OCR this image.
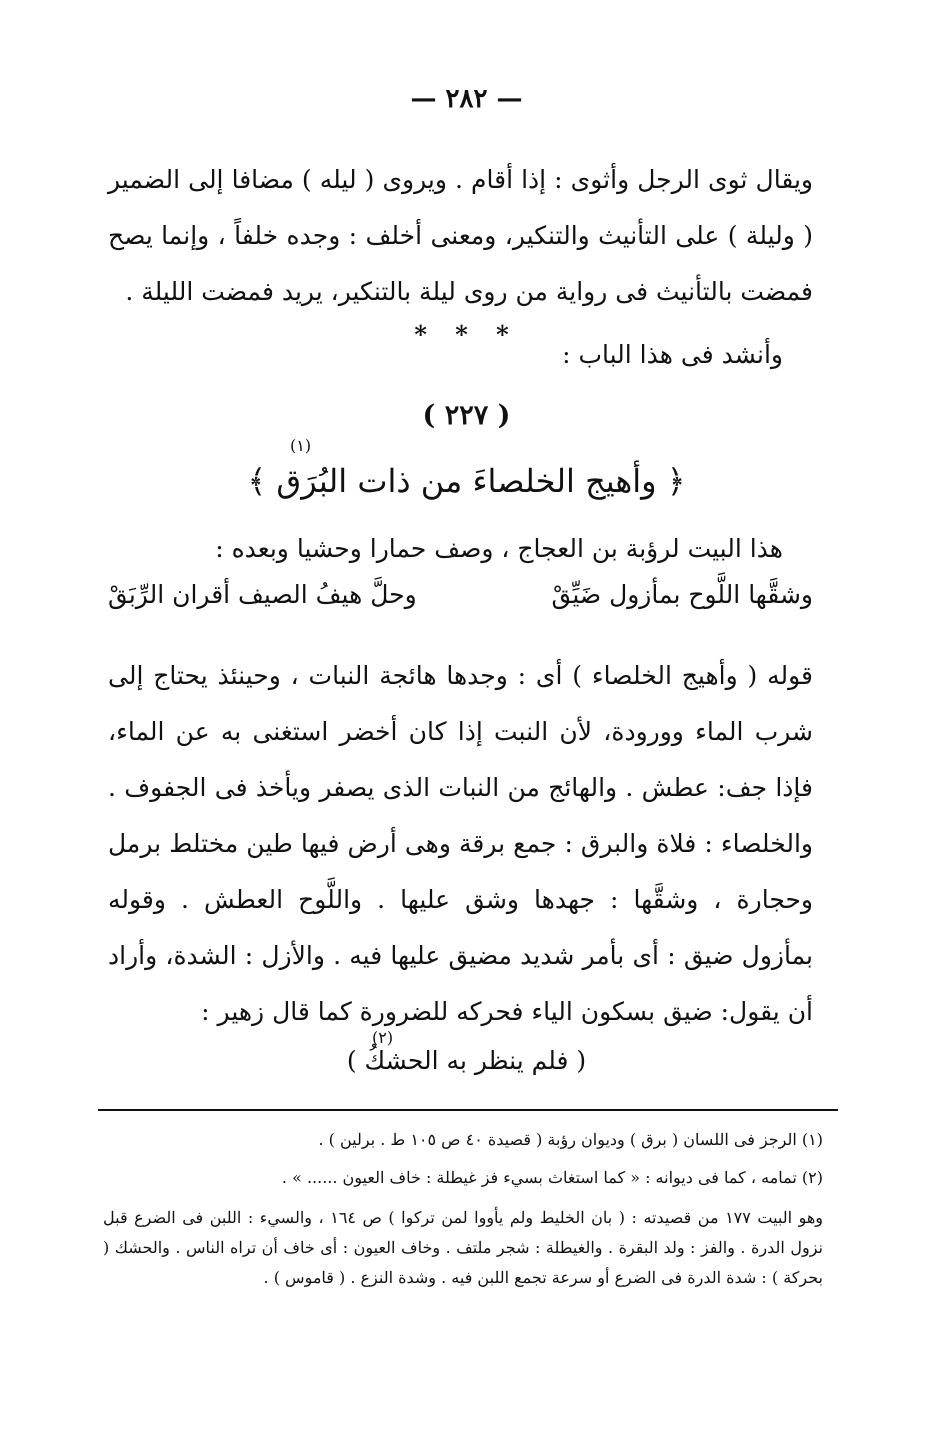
— ٢٨٢ —
ويقال ثوى الرجل وأثوى : إذا أقام . ويروى ( ليله ) مضافا إلى الضمير ( وليلة ) على التأنيث والتنكير، ومعنى أخلف : وجده خلفاً ، وإنما يصح فمضت بالتأنيث فى رواية من روى ليلة بالتنكير، يريد فمضت الليلة .
* * *
وأنشد فى هذا الباب :
( ٢٢٧ )
(١)
﴿ وأهيج الخلصاءَ من ذات البُرَق ﴾
هذا البيت لرؤبة بن العجاج ، وصف حمارا وحشيا وبعده :
وشقَّها اللَّوح بمأزول ضَيِّقْ
وحلَّ هيفُ الصيف أقران الرِّبَقْ
قوله ( وأهيج الخلصاء ) أى : وجدها هائجة النبات ، وحينئذ يحتاج إلى شرب الماء وورودة، لأن النبت إذا كان أخضر استغنى به عن الماء، فإذا جف: عطش . والهائج من النبات الذى يصفر ويأخذ فى الجفوف . والخلصاء : فلاة والبرق : جمع برقة وهى أرض فيها طين مختلط برمل وحجارة ، وشقَّها : جهدها وشق عليها . واللَّوح العطش . وقوله بمأزول ضيق : أى بأمر شديد مضيق عليها فيه . والأزل : الشدة، وأراد أن يقول: ضيق بسكون الياء فحركه للضرورة كما قال زهير :
(٢)
( فلم ينظر به الحشكُ )
(١) الرجز فى اللسان ( برق ) وديوان رؤبة ( قصيدة ٤٠ ص ١٠٥ ط . برلين ) .
(٢) تمامه ، كما فى ديوانه : « كما استغاث بسيء فز غيطلة : خاف العيون ...... » .
وهو البيت ١٧٧ من قصيدته : ( بان الخليط ولم يأووا لمن تركوا ) ص ١٦٤ ، والسيء : اللبن فى الضرع قبل نزول الدرة . والفز : ولد البقرة . والغيطلة : شجر ملتف . وخاف العيون : أى خاف أن تراه الناس . والحشك ( بحركة ) : شدة الدرة فى الضرع أو سرعة تجمع اللبن فيه . وشدة النزع . ( قاموس ) .
